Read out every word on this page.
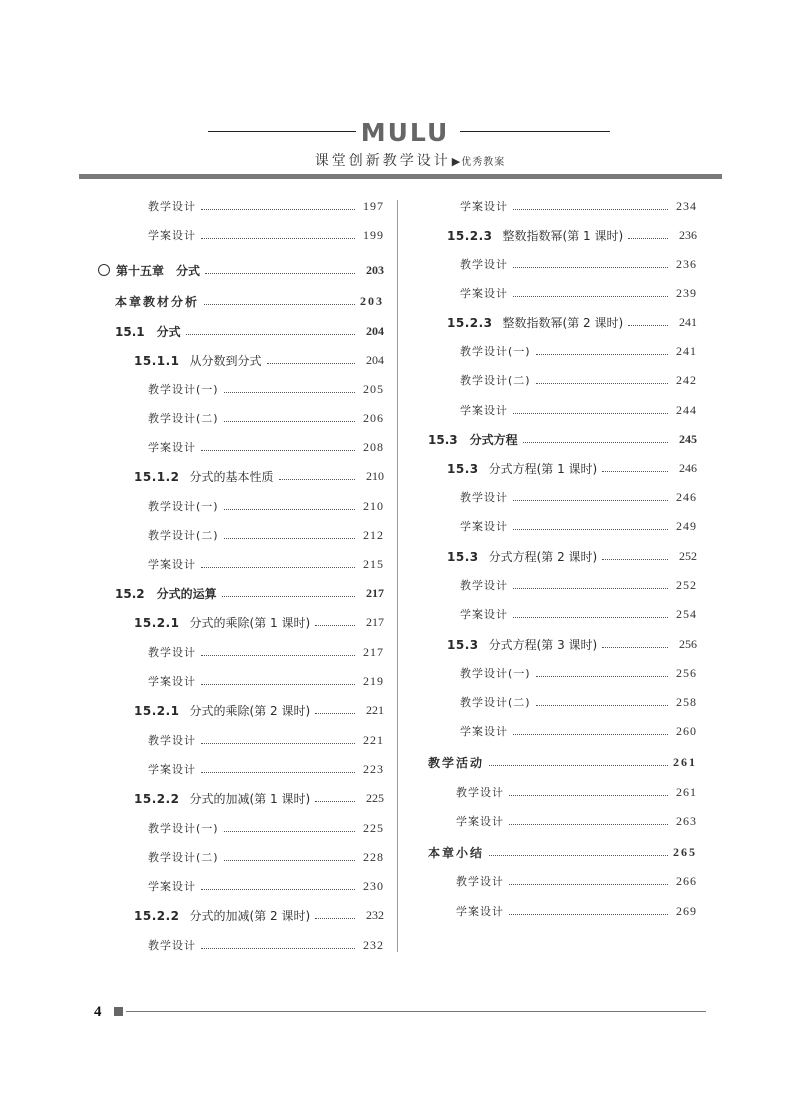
MULU
课堂创新教学设计▶优秀教案
教学设计	197
学案设计	199
第十五章　分式	203
本章教材分析	203
15.1　分式	204
15.1.1 从分数到分式	204
教学设计(一)	205
教学设计(二)	206
学案设计	208
15.1.2 分式的基本性质	210
教学设计(一)	210
教学设计(二)	212
学案设计	215
15.2　分式的运算	217
15.2.1 分式的乘除(第 1 课时)	217
教学设计	217
学案设计	219
15.2.1 分式的乘除(第 2 课时)	221
教学设计	221
学案设计	223
15.2.2 分式的加减(第 1 课时)	225
教学设计(一)	225
教学设计(二)	228
学案设计	230
15.2.2 分式的加减(第 2 课时)	232
教学设计	232
学案设计	234
15.2.3 整数指数幂(第 1 课时)	236
教学设计	236
学案设计	239
15.2.3 整数指数幂(第 2 课时)	241
教学设计(一)	241
教学设计(二)	242
学案设计	244
15.3　分式方程	245
15.3 分式方程(第 1 课时)	246
教学设计	246
学案设计	249
15.3 分式方程(第 2 课时)	252
教学设计	252
学案设计	254
15.3 分式方程(第 3 课时)	256
教学设计(一)	256
教学设计(二)	258
学案设计	260
教学活动	261
教学设计	261
学案设计	263
本章小结	265
教学设计	266
学案设计	269
4
